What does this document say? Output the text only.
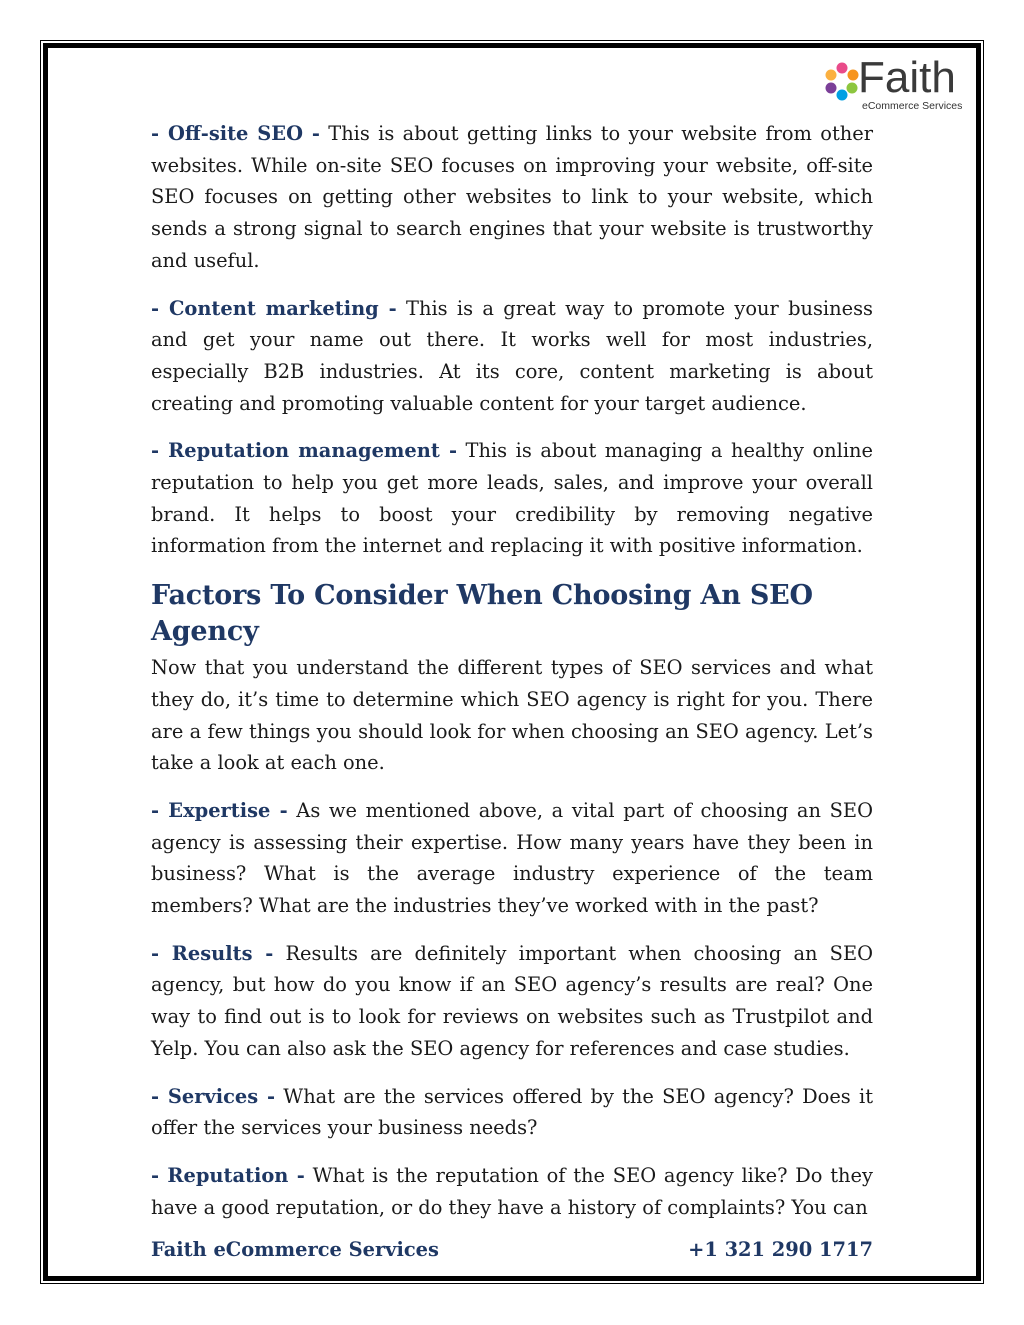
Faith
eCommerce Services

- Off-site SEO - This is about getting links to your website from other websites. While on-site SEO focuses on improving your website, off-site SEO focuses on getting other websites to link to your website, which sends a strong signal to search engines that your website is trustworthy and useful.

- Content marketing - This is a great way to promote your business and get your name out there. It works well for most industries, especially B2B industries. At its core, content marketing is about creating and promoting valuable content for your target audience.

- Reputation management - This is about managing a healthy online reputation to help you get more leads, sales, and improve your overall brand. It helps to boost your credibility by removing negative information from the internet and replacing it with positive information.

Factors To Consider When Choosing An SEO Agency

Now that you understand the different types of SEO services and what they do, it’s time to determine which SEO agency is right for you. There are a few things you should look for when choosing an SEO agency. Let’s take a look at each one.

- Expertise - As we mentioned above, a vital part of choosing an SEO agency is assessing their expertise. How many years have they been in business? What is the average industry experience of the team members? What are the industries they’ve worked with in the past?

- Results - Results are definitely important when choosing an SEO agency, but how do you know if an SEO agency’s results are real? One way to find out is to look for reviews on websites such as Trustpilot and Yelp. You can also ask the SEO agency for references and case studies.

- Services - What are the services offered by the SEO agency? Does it offer the services your business needs?

- Reputation - What is the reputation of the SEO agency like? Do they have a good reputation, or do they have a history of complaints? You can

Faith eCommerce Services	+1 321 290 1717
